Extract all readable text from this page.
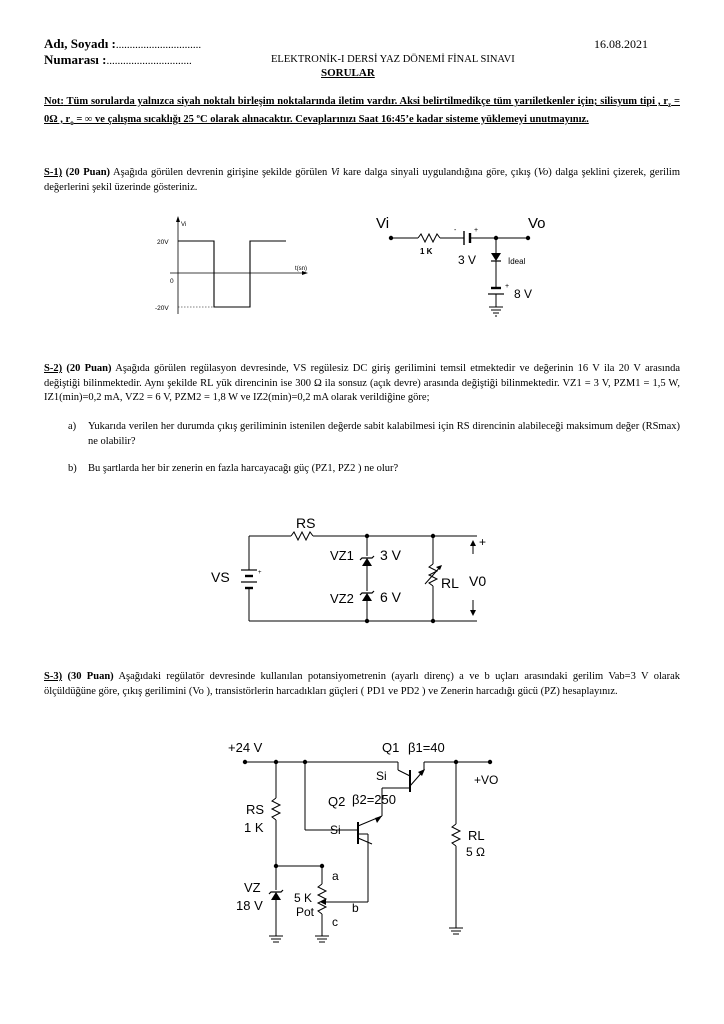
Adı, Soyadı :...............................	16.08.2021
Numarası :...............................	ELEKTRONİK-I DERSİ YAZ DÖNEMİ FİNAL SINAVI
SORULAR
Not: Tüm sorularda yalnızca siyah noktalı birleşim noktalarında iletim vardır. Aksi belirtilmedikçe tüm yarıiletkenler için; silisyum tipi , $r_z = 0\Omega$ , $r_o$ = ∞ ve çalışma sıcaklığı 25 ºC olarak alınacaktır. Cevaplarınızı Saat 16:45’e kadar sisteme yüklemeyi unutmayınız.
S-1) (20 Puan) Aşağıda görülen devrenin girişine şekilde görülen Vi kare dalga sinyali uygulandığına göre, çıkış (Vo) dalga şeklini çizerek, gerilim değerlerini şekil üzerinde gösteriniz.
Vi
t(sn)
20V
0
-20V
Vi	Vo
-	+
1 K
3 V	İdeal
+
8 V
S-2) (20 Puan) Aşağıda görülen regülasyon devresinde, VS regülesiz DC giriş gerilimini temsil etmektedir ve değerinin 16 V ila 20 V arasında değiştiği bilinmektedir. Aynı şekilde RL yük direncinin ise 300 Ω ila sonsuz (açık devre) arasında değiştiği bilinmektedir. VZ1 = 3 V, PZM1 = 1,5 W, IZ1(min)=0,2 mA, VZ2 = 6 V, PZM2 = 1,8 W ve IZ2(min)=0,2 mA olarak verildiğine göre;
a)	Yukarıda verilen her durumda çıkış geriliminin istenilen değerde sabit kalabilmesi için RS direncinin alabileceği maksimum değer (RSmax) ne olabilir?
b)	Bu şartlarda her bir zenerin en fazla harcayacağı güç (PZ1, PZ2 ) ne olur?
RS
+
VS
VZ1 3 V
VZ2 6 V
RL V0
+
S-3) (30 Puan) Aşağıdaki regülatör devresinde kullanılan potansiyometrenin (ayarlı direnç) a ve b uçları arasındaki gerilim Vab=3 V olarak ölçüldüğüne göre, çıkış gerilimini (Vo ), transistörlerin harcadıkları güçleri ( PD1 ve PD2 ) ve Zenerin harcadığı gücü (PZ) hesaplayınız.
+24 V	Q1 β1=40
+VO
Si
Q2 β2=250
Si
RS
1 K
VZ
18 V
a
b
c
5 K
Pot
RL
5 Ω
